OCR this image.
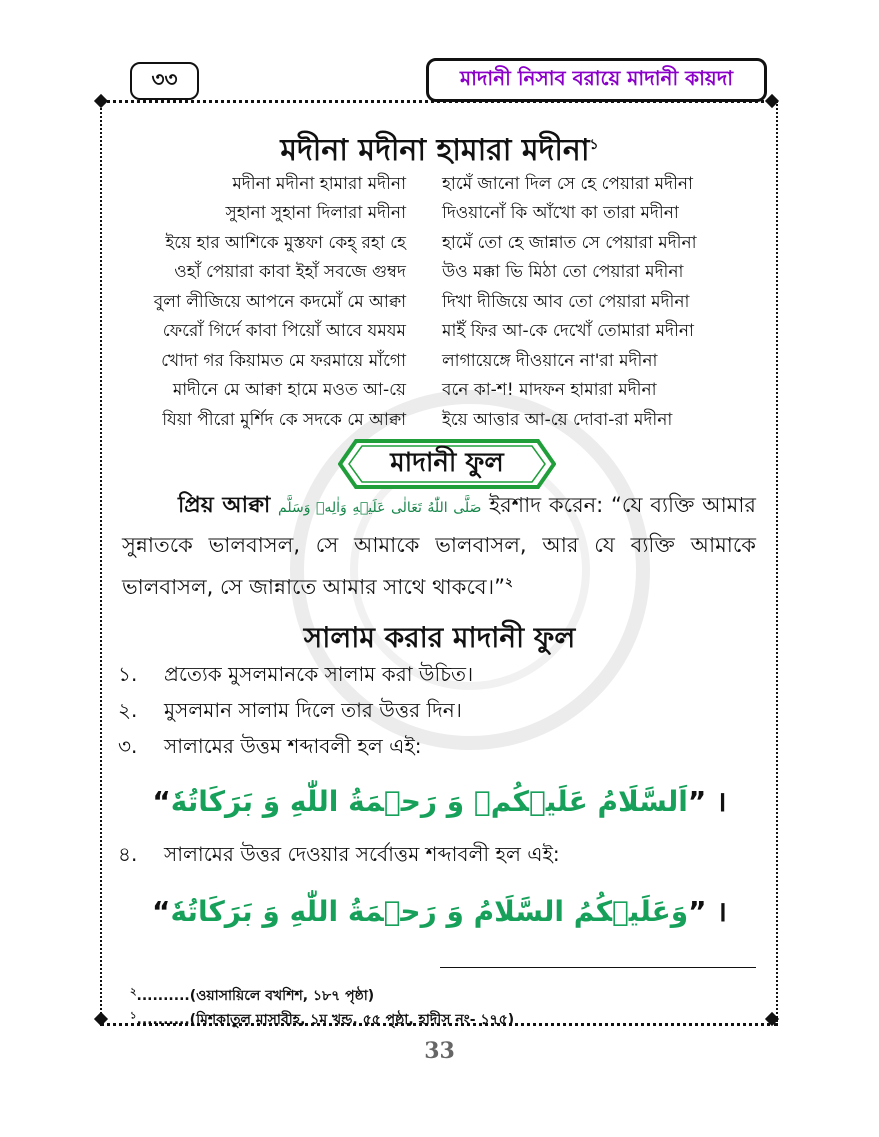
৩৩	মাদানী নিসাব বরায়ে মাদানী কায়দা
মদীনা মদীনা হামারা মদীনা$^১$
মদীনা মদীনা হামারা মদীনা	হামেঁ জানো দিল সে হে পেয়ারা মদীনা
সুহানা সুহানা দিলারা মদীনা	দিওয়ানোঁ কি আঁখো কা তারা মদীনা
ইয়ে হার আশিকে মুস্তফা কেহ্ রহা হে	হামেঁ তো হে জান্নাত সে পেয়ারা মদীনা
ওহাঁ পেয়ারা কাবা ইহাঁ সবজে গুম্বদ	উও মক্কা ভি মিঠা তো পেয়ারা মদীনা
বুলা লীজিয়ে আপনে কদমোঁ মে আক্বা	দিখা দীজিয়ে আব তো পেয়ারা মদীনা
ফেরোঁ গির্দে কাবা পিয়োঁ আবে যমযম	মাইঁ ফির আ-কে দেখোঁ তোমারা মদীনা
খোদা গর কিয়ামত মে ফরমায়ে মাঁগো	লাগায়েঙ্গে দীওয়ানে না'রা মদীনা
মাদীনে মে আক্বা হামে মওত আ-য়ে	বনে কা-শ! মাদফন হামারা মদীনা
যিয়া পীরো মুর্শিদ কে সদকে মে আক্বা	ইয়ে আত্তার আ-য়ে দোবা-রা মদীনা
মাদানী ফুল
প্রিয় আক্বা صَلَّى اللّٰهُ تَعَالٰى عَلَيۡهِ وَاٰلِهٖ وَسَلَّم ইরশাদ করেন: “যে ব্যক্তি আমার সুন্নাতকে ভালবাসল, সে আমাকে ভালবাসল, আর যে ব্যক্তি আমাকে ভালবাসল, সে জান্নাতে আমার সাথে থাকবে।”$^২$
সালাম করার মাদানী ফুল
১.	প্রত্যেক মুসলমানকে সালাম করা উচিত।
২.	মুসলমান সালাম দিলে তার উত্তর দিন।
৩.	সালামের উত্তম শব্দাবলী হল এই:
“اَلسَّلَامُ عَلَيۡكُمۡ وَ رَحۡمَةُ اللّٰهِ وَ بَرَكَاتُهٗ” ।
৪.	সালামের উত্তর দেওয়ার সর্বোত্তম শব্দাবলী হল এই:
“وَعَلَيۡكُمُ السَّلَامُ وَ رَحۡمَةُ اللّٰهِ وَ بَرَكَاتُهٗ” ।
$^২$..........(ওয়াসায়িলে বখশিশ, ১৮৭ পৃষ্ঠা)
$^১$..........(মিশকাতুল মাসাবীহ, ১ম খন্ড, ৫৫ পৃষ্ঠা, হাদীস নং- ১৭৫)
33
